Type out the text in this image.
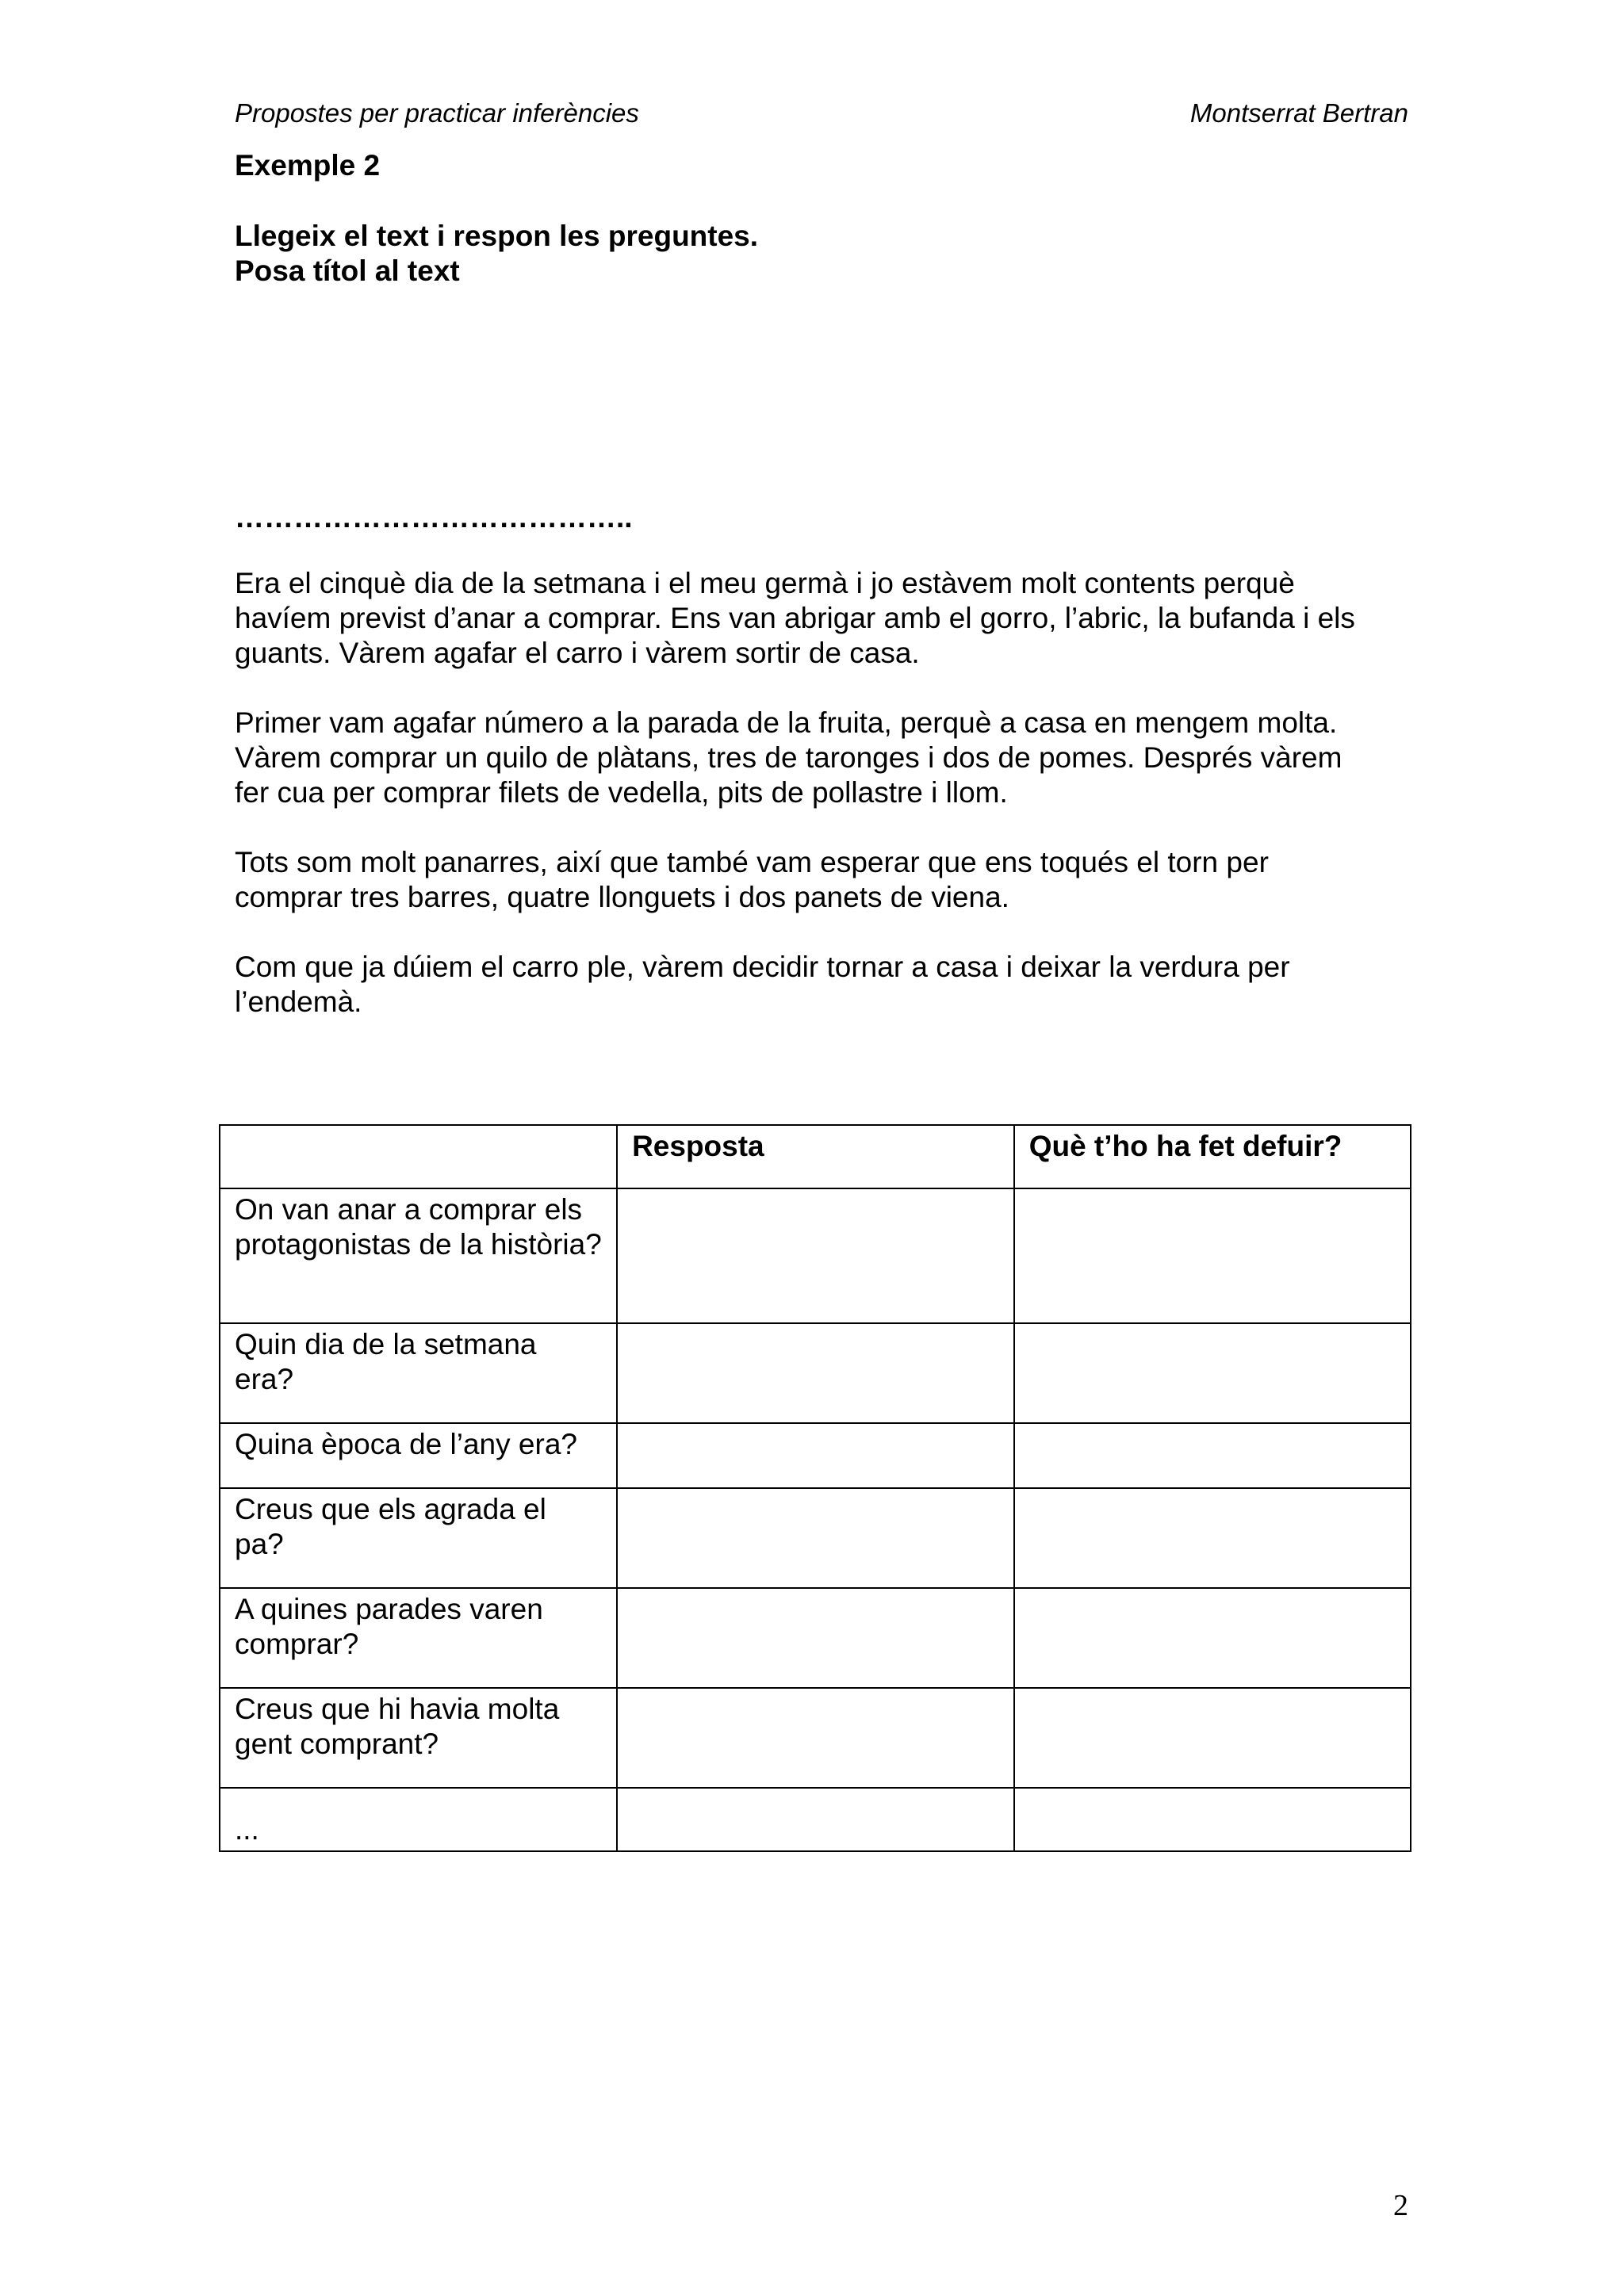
Propostes per practicar inferències	Montserrat Bertran
Exemple 2
Llegeix el text i respon les preguntes.
Posa títol al text
…………………………………..

Era el cinquè dia de la setmana i el meu germà i jo estàvem molt contents perquè
havíem previst d’anar a comprar. Ens van abrigar amb el gorro, l’abric, la bufanda i els
guants. Vàrem agafar el carro i vàrem sortir de casa.

Primer vam agafar número a la parada de la fruita, perquè a casa en mengem molta.
Vàrem comprar un quilo de plàtans, tres de taronges i dos de pomes. Després vàrem
fer cua per comprar filets de vedella, pits de pollastre i llom.

Tots som molt panarres, així que també vam esperar que ens toqués el torn per
comprar tres barres, quatre llonguets i dos panets de viena.

Com que ja dúiem el carro ple, vàrem decidir tornar a casa i deixar la verdura per
l’endemà.

	Resposta	Què t’ho ha fet defuir?
On van anar a comprar els protagonistas de la història?		
Quin dia de la setmana era?		
Quina època de l’any era?		
Creus que els agrada el pa?		
A quines parades varen comprar?		
Creus que hi havia molta gent comprant?		
...		
2
